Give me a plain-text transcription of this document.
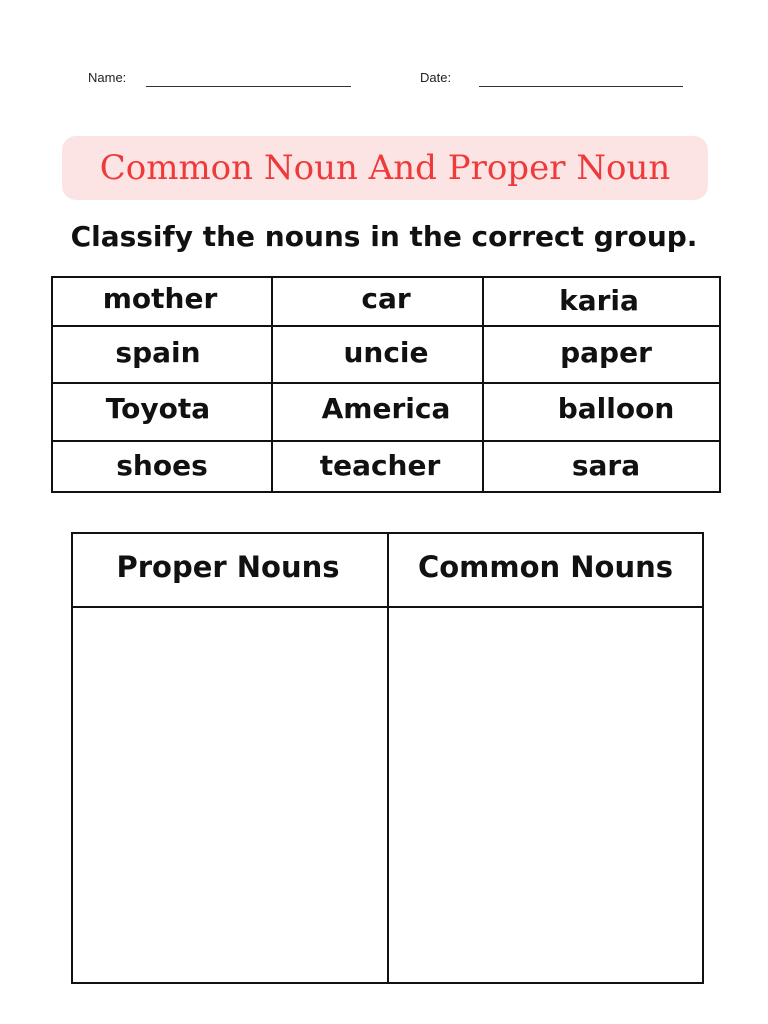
Name:	Date:
Common Noun And Proper Noun
Classify the nouns in the correct group.
mother	car	karia
spain	uncie	paper
Toyota	America	balloon
shoes	teacher	sara
Proper Nouns	Common Nouns
